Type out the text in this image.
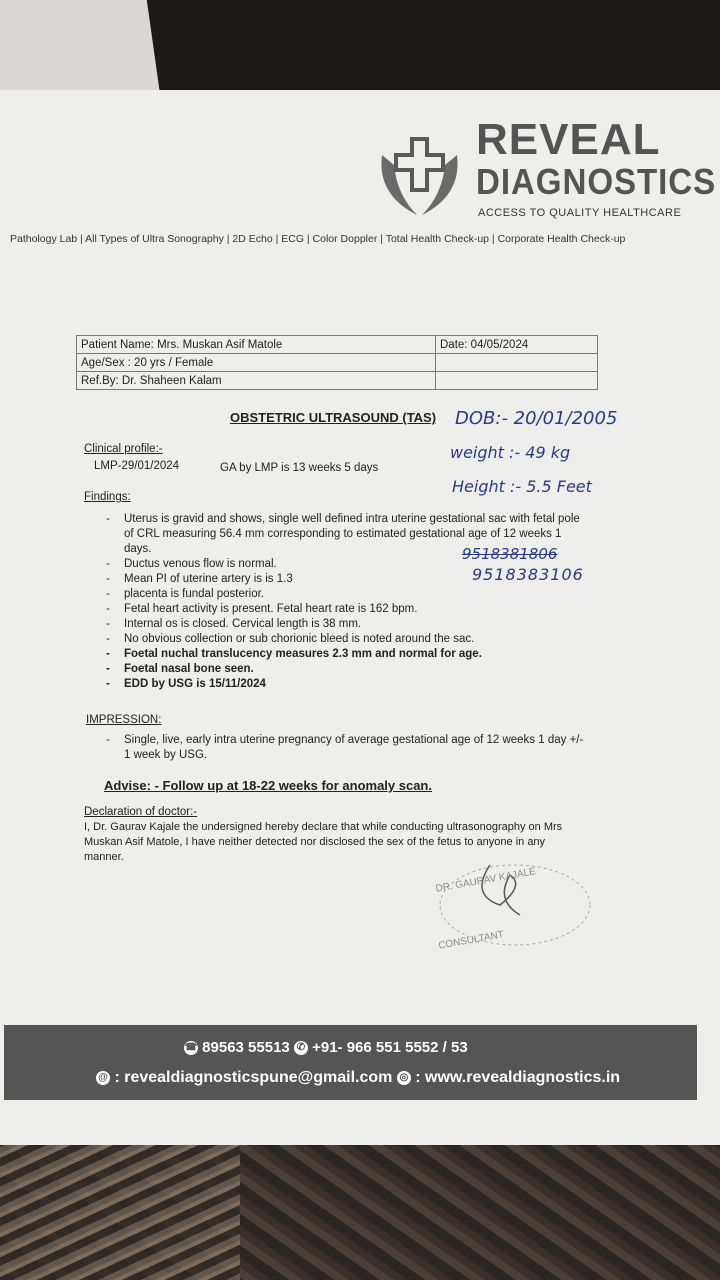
REVEAL
DIAGNOSTICS
ACCESS TO QUALITY HEALTHCARE
Pathology Lab | All Types of Ultra Sonography | 2D Echo | ECG | Color Doppler | Total Health Check-up | Corporate Health Check-up
Patient Name: Mrs. Muskan Asif Matole	Date: 04/05/2024
Age/Sex : 20 yrs / Female	
Ref.By: Dr. Shaheen Kalam	
OBSTETRIC ULTRASOUND (TAS) DOB:- 20/01/2005
weight :- 49 kg
Height :- 5.5 Feet
9518381806
9518383106
Clinical profile:-
LMP-29/01/2024	GA by LMP is 13 weeks 5 days
Findings:
- Uterus is gravid and shows, single well defined intra uterine gestational sac with fetal pole of CRL measuring 56.4 mm corresponding to estimated gestational age of 12 weeks 1 days.
- Ductus venous flow is normal.
- Mean PI of uterine artery is is 1.3
- placenta is fundal posterior.
- Fetal heart activity is present. Fetal heart rate is 162 bpm.
- Internal os is closed. Cervical length is 38 mm.
- No obvious collection or sub chorionic bleed is noted around the sac.
- Foetal nuchal translucency measures 2.3 mm and normal for age.
- Foetal nasal bone seen.
- EDD by USG is 15/11/2024
IMPRESSION:
- Single, live, early intra uterine pregnancy of average gestational age of 12 weeks 1 day +/- 1 week by USG.
Advise: - Follow up at 18-22 weeks for anomaly scan.
Declaration of doctor:-
I, Dr. Gaurav Kajale the undersigned hereby declare that while conducting ultrasonography on Mrs Muskan Asif Matole, I have neither detected nor disclosed the sex of the fetus to anyone in any manner.
DR. GAURAV KAJALE
CONSULTANT
☎ 89563 55513 ✆ +91- 966 551 5552 / 53
@ : revealdiagnosticspune@gmail.com ◎ : www.revealdiagnostics.in
